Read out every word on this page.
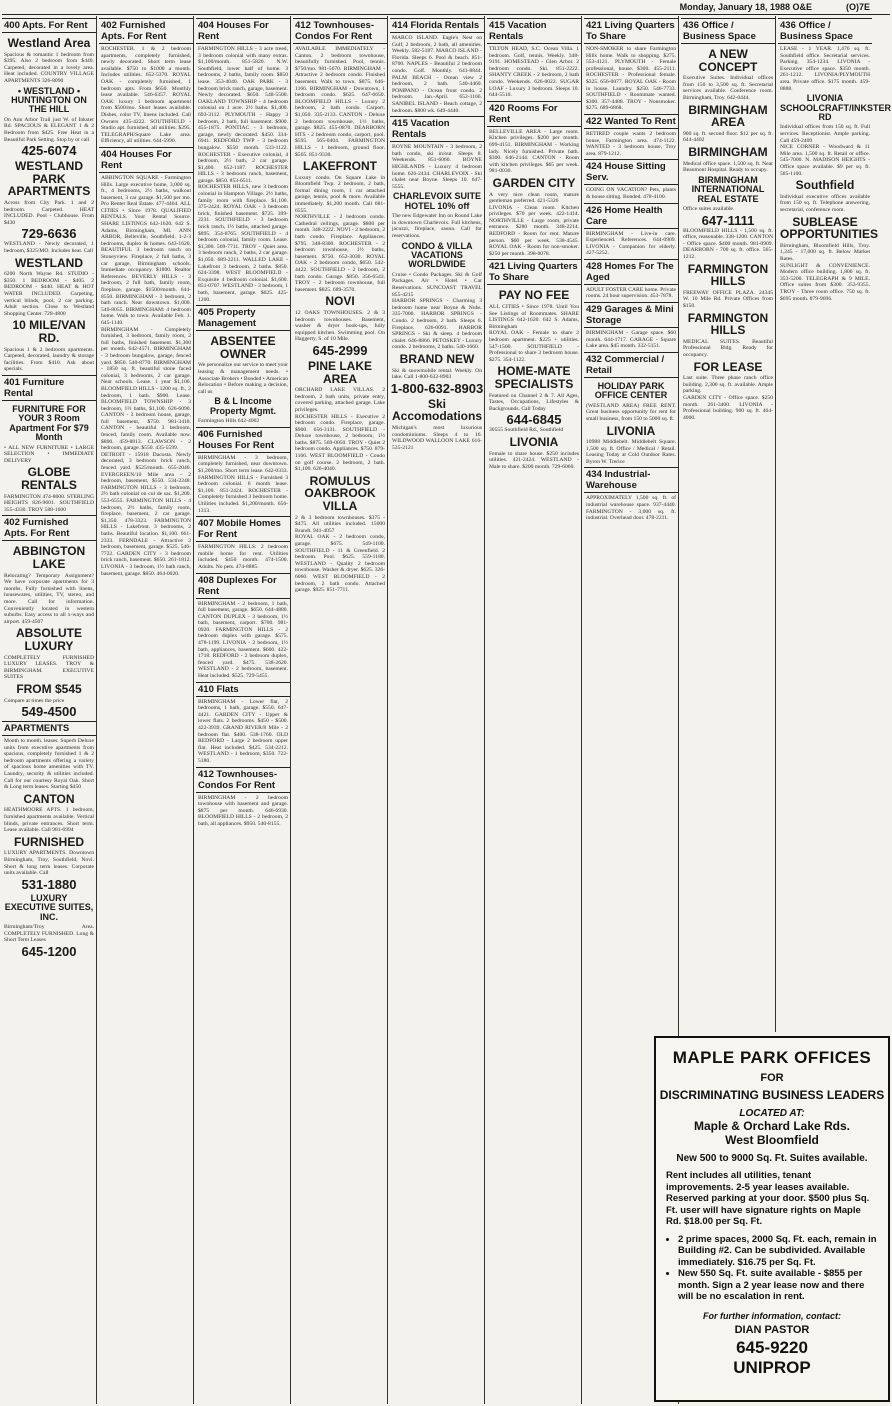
Monday, January 18, 1988 O&E	(O)7E
400 Apts. For Rent
Westland Area
Spacious & romantic 1 bedroom from $395. Also 2 bedroom from $440. Carpeted, decorated in a lovely area. Heat included. COUNTRY VILLAGE APARTMENTS 326-8090
• WESTLAND • HUNTINGTON ON THE HILL
On Ann Arbor Trail just W. of Inkster Rd. SPACIOUS & ELEGANT 1 & 2 Bedroom from $425. Free Heat in a Beautiful Park Setting. Stop by or call
425-6074
WESTLAND PARK APARTMENTS
Across from City Park. 1 and 2 bedroom. Carpeted. HEAT INCLUDED. Pool - Clubhouse. From $430
729-6636
WESTLAND - Newly decorated, 1 bedroom, $325/MO. Includes heat. Call
WESTLAND
6200 North Wayne Rd. STUDIO - $350. 1 BEDROOM - $405. 2 BEDROOM - $440. HEAT & HOT WATER INCLUDED. Carpeting, vertical blinds, pool, 2 car parking. Adult section. Close to Westland Shopping Center. 728-4800
10 MILE/VAN RD.
Spacious 1 & 2 bedroom apartments. Carpeted, decorated, laundry & storage facilities. From $410. Ask about specials.
401 Furniture Rental
FURNITURE FOR YOUR 3 Room Apartment For $79 Month
• ALL NEW FURNITURE • LARGE SELECTION • IMMEDIATE DELIVERY
GLOBE RENTALS
FARMINGTON 474-8600. STERLING HEIGHTS 826-9601. SOUTHFIELD 355-4330. TROY 588-1600
402 Furnished Apts. For Rent
ABBINGTON LAKE
Relocating? Temporary Assignment? We have corporate apartments for 3 months. Fully furnished with linens, housewares, utilities, TV, stereo, and more. Call for information. Conveniently located in western suburbs. Easy access to all x-ways and airport. 459-4507
ABSOLUTE LUXURY
COMPLETELY FURNISHED LUXURY LEASES. TROY & BIRMINGHAM. EXECUTIVE SUITES
FROM $545
Compare at times the price
549-4500
APARTMENTS
Month to month. leases. Superb Deluxe units from executive apartments from spacious, completely furnished 1 & 2 bedroom apartments offering a variety of spacious home amenities with TV. Laundry, security & utilities included. Call for our courtesy Royal Oak. Short & Long term leases. Starting $450
CANTON
HEATHMOORE APTS. 1 bedroom, furnished apartments available. Vertical blinds, private entrances. Short term. Lease available. Call 981-6994
FURNISHED
LUXURY APARTMENTS. Downtown Birmingham, Troy, Southfield, Novi. Short & long term leases. Corporate units available. Call
531-1880
LUXURY EXECUTIVE SUITES, INC.
Birmingham/Troy Area. COMPLETELY FURNISHED. Long & Short Term Leases
645-1200
402 Furnished Apts. For Rent
ROCHESTER. 1 & 2 bedroom apartments, completely furnished, newly decorated. Short term lease available. $750 to $1000 a month. Includes utilities. 652-5370. ROYAL OAK - completely furnished, 1 bedroom apts. From $650. Monthly lease available. 546-6357. ROYAL OAK: luxury 1 bedroom apartment from $500/mo. Short leases available. Dishes, color TV, linens included. Call Owners 435-4222. SOUTHFIELD - Studio apt. furnished, all utilities. $295. TELEGRAPH/Square Lake area. Efficiency, all utilities. 644-5990.
404 Houses For Rent
ABBINGTON SQUARE - Farmington Hills. Large executive home, 3,000 sq. ft., 4 bedrooms, 2½ baths, walkout basement, 3 car garage. $1,500 per mo. Pro Renter Real Estate. 477-4464. ALL CITIES • Since 1978. QUALIFIED RENTALS. Your Rental Source. SHARE LISTINGS 642-1620. 642 S. Adams, Birmingham, MI. ANN ARBOR, Belleville, Southfield. 1-2-3 bedrooms, duplex & homes. 643-1620. BEAUTIFUL 3 bedroom ranch on Stoneyview. Fireplace, 2 full baths, 3 car garage, Birmingham schools. Immediate occupancy. $1800. Realtor References. BEVERLY HILLS - 3 bedroom, 2 full bath, family room, fireplace, garage. $1500/month. 644-8550. BIRMINGHAM - 3 bedroom, 2 bath ranch. Near downtown. $1,000. 540-8055. BIRMINGHAM: 4 bedroom home. Walk to town. Available Feb. 1. 645-1140.
BIRMINGHAM - Completely furnished, 3 bedroom, family room, 2 full baths, finished basement. $1,300 per month. 642-4571. BIRMINGHAM - 3 bedroom bungalow, garage, fenced yard. $850. 540-8770. BIRMINGHAM - 1850 sq. ft. beautiful stone faced colonial, 3 bedrooms, 2 car garage. Near schools. Lease. 1 year $1,100. BLOOMFIELD HILLS - 1200 sq. ft., 2 bedroom, 1 bath. $900. Lease. BLOOMFIELD TOWNSHIP - 3 bedroom, 1½ baths, $1,100. 626-6090. CANTON - 3 bedroom house, garage, full basement, $750. 981-3418. CANTON - beautiful 3 bedroom, fenced, family room. Available now. $800. 459-8813. CLAWSON - 2 bedroom, garage. $550. 435-5599.
DETROIT - 15918 Dacosta. Newly decorated, 3 bedroom brick ranch, fenced yard. $525/month. 655-2040. EVERGREEN/10 Mile area - 2 bedroom, basement, $550. 534-2248. FARMINGTON HILLS - 3 bedroom, 2½ bath colonial on cul de sac. $1,200. 553-6555. FARMINGTON HILLS - 4 bedroom, 2½ baths, family room, fireplace, basement, 2 car garage. $1,350. 478-3323. FARMINGTON HILLS - Lakefront. 3 bedrooms, 2 baths. Beautiful location. $1,100. 661-2333. FERNDALE - Attractive 2 bedroom, basement, garage. $525. 546-7722. GARDEN CITY - 3 bedroom brick ranch, basement. $650. 261-1812. LIVONIA - 3 bedroom, 1½ bath ranch, basement, garage. $850. 464-0020.
404 Houses For Rent
FARMINGTON HILLS - 3 acre treed, 3 bedroom colonial with many extras. $1,100/month. 851-5820. N.W. Southfield, lower half of home. 3 bedrooms, 2 baths, family room. $850 lease. 353-4040. OAK PARK - 3 bedroom brick ranch, garage, basement. Newly decorated. $650. 548-5500. OAKLAND TOWNSHIP - 4 bedroom colonial on 1 acre. 2½ baths. $1,400. 693-3112. PLYMOUTH - Happy 3 bedroom, 2 bath, full basement. $900. 455-1875. PONTIAC - 3 bedroom, garage, newly decorated. $450. 334-6941. REDFORD TWP - 3 bedroom bungalow. $550 month. 533-1122. ROCHESTER - Executive colonial, 4 bedroom, 2½ bath, 2 car garage. $1,400. 652-1187. ROCHESTER HILLS - 3 bedroom ranch, basement, garage. $850. 853-6511.
ROCHESTER HILLS, new 3 bedroom colonial in Hampton Village. 2½ baths, family room with fireplace. $1,100. 375-2424. ROYAL OAK - 3 bedroom brick, finished basement. $725. 399-2231. SOUTHFIELD - 3 bedroom brick ranch, 1½ baths, attached garage. $895. 354-8765. SOUTHFIELD - 4 bedroom colonial, family room. Lease. $1,300. 569-7711. TROY - Quiet area. 3 bedroom ranch, 2 baths, 2 car garage. $1,050. 689-2211. WALLED LAKE - Lakefront 3 bedroom, 2 baths. $850. 624-3398. WEST BLOOMFIELD - Exquisite 4 bedroom colonial. $1,600. 851-0707. WESTLAND - 3 bedroom, 1 bath, basement, garage. $625. 425-1200.
405 Property Management
ABSENTEE OWNER
We personalize our service to meet your leasing & management needs. • Associate Brokers • Bonded • American Relocation • Before making a decision, call us
B & L Income Property Mgmt.
Farmington Hills 642-4002
406 Furnished Houses For Rent
BIRMINGHAM - 3 bedroom, completely furnished, near downtown. $1,200/mo. Short term lease. 642-0333. FARMINGTON HILLS - Furnished 3 bedroom colonial. 6 month lease. $1,100. 851-2424. ROCHESTER - Completely furnished 3 bedroom home. Utilities included. $1,200/month. 656-1313.
407 Mobile Homes For Rent
FARMINGTON HILLS: 2 bedroom mobile home for rent. Utilities included. $450 month. 474-1500. Adults. No pets. 474-8885.
408 Duplexes For Rent
BIRMINGHAM - 2 bedroom, 1 bath, full basement, garage. $650. 644-4880. CANTON DUPLEX - 3 bedroom, 1½ bath, basement, carport. $700. 981-0920. FARMINGTON HILLS - 2 bedroom duplex with garage. $575. 478-1199. LIVONIA - 2 bedroom, 1½ bath, appliances, basement. $600. 422-1718. REDFORD - 2 bedroom duplex, fenced yard. $475. 538-2620. WESTLAND - 2 bedroom, basement. Heat included. $525. 729-5455.
410 Flats
BIRMINGHAM - Lower flat, 2 bedrooms, 1 bath, garage. $550. 647-4421. GARDEN CITY - Upper & lower flats. 2 bedrooms. $450 - $500. 422-3939. GRAND RIVER/8 Mile - 2 bedroom flat. $400. 538-1760. OLD REDFORD - Large 2 bedroom upper flat. Heat included. $425. 534-2212. WESTLAND - 1 bedroom, $350. 722-5180.
412 Townhouses-Condos For Rent
BIRMINGHAM - 2 bedroom townhouse with basement and garage. $875 per month. 646-6930. BLOOMFIELD HILLS - 2 bedroom, 2 bath, all appliances. $950. 540-8155.
412 Townhouses-Condos For Rent
AVAILABLE IMMEDIATELY - Canton. 2 bedroom townhouse, beautifully furnished. Pool, tennis. $750/mo. 981-5670. BIRMINGHAM - Attractive 2 bedroom condo. Finished basement. Walk to town. $875. 646-1166. BIRMINGHAM - Downtown, 1 bedroom condo. $625. 647-6650. BLOOMFIELD HILLS - Luxury 2 bedroom, 2 bath condo. Carport. $1,050. 335-2133. CANTON - Deluxe 2 bedroom townhouse, 1½ baths, garage. $825. 455-0870. DEARBORN HTS - 2 bedroom condo, carport, pool. $595. 565-0404. FARMINGTON HILLS - 1 bedroom, ground floor. $565. 851-9330.
LAKEFRONT
Luxury condo. On Square Lake in Bloomfield Twp. 2 bedroom, 2 bath, formal dining room, 1 car attached garage, tennis, pool & more. Available immediately. $1,200 month. Call 681-6555.
NORTHVILLE - 2 bedroom condo. Cathedral ceilings, garage. $800 per month. 348-2222. NOVI - 2 bedroom, 2 bath condo. Fireplace. Appliances. $795. 348-8300. ROCHESTER - 2 bedroom townhouse, 1½ baths, basement. $750. 652-3030. ROYAL OAK - 2 bedroom condo, $650. 542-4422. SOUTHFIELD - 2 bedroom, 2 bath condo. Garage. $850. 356-6543. TROY - 2 bedroom townhouse, full basement. $825. 689-3570.
NOVI
12 OAKS TOWNHOUSES. 2 & 3 bedroom townhouses. Basement, washer & dryer hook-ups, fully equipped kitchen. Swimming pool. On Haggerty, S. of 10 Mile.
645-2999
PINE LAKE AREA
ORCHARD LAKE VILLAS. 2 bedroom, 2 bath units, private entry, covered parking, attached garage. Lake privileges.
ROCHESTER HILLS - Executive 2 bedroom condo. Fireplace, garage. $900. 656-3131. SOUTHFIELD - Deluxe townhouse, 2 bedroom, 1½ baths. $875. 569-0050. TROY - Quiet 2 bedroom condo. Appliances. $750. 879-1166. WEST BLOOMFIELD - Condo on golf course. 2 bedroom, 2 bath. $1,100. 626-4040.
ROMULUS OAKBROOK VILLA
2 & 3 bedroom townhouses. $375 - $475. All utilities included. 15000 Brandt. 941-4057
ROYAL OAK - 2 bedroom condo, garage. $675. 549-1100. SOUTHFIELD - 11 & Greenfield. 2 bedroom. Pool. $625. 559-1180. WESTLAND - Quality 2 bedroom townhouse. Washer & dryer. $625. 326-6060. WEST BLOOMFIELD - 2 bedroom, 2 bath condo. Attached garage. $925. 851-7711.
414 Florida Rentals
MARCO ISLAND. Eagle's Nest on Gulf, 2 bedroom, 2 bath, all amenities. Weekly. 582-5187. MARCO ISLAND - Florida. Sleeps 6. Pool & beach. 851-8700. NAPLES - Beautiful 2 bedroom condo. Golf. Monthly. 641-8844. PALM BEACH - Ocean view 2 bedroom, 2 bath. 540-4460. POMPANO - Ocean front condo. 2 bedroom. Jan.-April. 652-1166. SANIBEL ISLAND - Beach cottage, 2 bedroom. $800 wk. 649-4440.
415 Vacation Rentals
BOYNE MOUNTAIN - 3 bedroom, 2 bath condo, ski in/out. Sleeps 8. Weekends. 851-6060. BOYNE HIGHLANDS - Luxury 4 bedroom home. 626-2434. CHARLEVOIX - Ski chalet near Boyne. Sleeps 10. 647-5555.
CHARLEVOIX SUITE HOTEL 10% off
The new Edgewater Inn on Round Lake in downtown Charlevoix. Full kitchens, jacuzzi, fireplace, sauna. Call for reservations.
CONDO & VILLA VACATIONS WORLDWIDE
Cruise • Condo Packages. Ski & Golf Packages. Air • Hotel • Car Reservations. SUNCOAST TRAVEL 855-4215
HARBOR SPRINGS - Charming 3 bedroom home near Boyne & Nubs. 335-7000. HARBOR SPRINGS - Condo. 2 bedroom, 2 bath. Sleeps 6. Fireplace. 626-0091. HARBOR SPRINGS - Ski & sleep. 4 bedroom chalet. 646-8866. PETOSKEY - Luxury condo. 2 bedrooms, 2 baths. 540-1660.
BRAND NEW
Ski & snowmobile rental. Weekly. On lake. Call 1-800-632-8903
1-800-632-8903
Ski Accomodations
Michigan's most luxurious condominiums. Sleeps 4 to 16. WILDWOOD WALLOON LAKE 616-535-2121
415 Vacation Rentals
TILTON HEAD, S.C. Ocean Villa. 1 bedroom. Golf, tennis. Weekly. 348-9191. HOMESTEAD - Glen Arbor. 2 bedroom condo. Ski. 851-2222. SHANTY CREEK - 2 bedroom, 2 bath condo. Weekends. 626-0022. SUGAR LOAF - Luxury 3 bedroom. Sleeps 10. 644-5510.
420 Rooms For Rent
BELLEVILLE AREA - Large room. Kitchen privileges. $200 per month. 699-4151. BIRMINGHAM - Working lady. Nicely furnished. Private bath. $300. 646-2144. CANTON - Room with kitchen privileges. $65 per week. 981-0030.
GARDEN CITY
A very nice clean room, mature gentleman preferred. 421-5326
LIVONIA - Clean room. Kitchen privileges. $70 per week. 422-1414. NORTHVILLE - Large room, private entrance. $280 month. 348-2214. REDFORD - Room for rent. Mature person. $60 per week. 538-4545. ROYAL OAK - Room for non-smoker. $250 per month. 398-0078.
421 Living Quarters To Share
PAY NO FEE
ALL CITIES • Since 1978. Until You See Listings of Roommates. SHARE LISTINGS 642-1620. 642 S. Adams, Birmingham
ROYAL OAK - Female to share 2 bedroom apartment. $225 + utilities. 547-1500. SOUTHFIELD - Professional to share 3 bedroom house. $275. 354-1122.
HOME-MATE SPECIALISTS
Featured on Channel 2 & 7. All Ages, Tastes, Occupations, Lifestyles & Backgrounds. Call Today
644-6845
30555 Southfield Rd., Southfield
LIVONIA
Female to share house. $250 includes utilities. 421-2424. WESTLAND - Male to share. $200 month. 729-6060.
421 Living Quarters To Share
NON-SMOKER to share Farmington Hills home. Walk to shopping. $275. 553-4121. PLYMOUTH - Female professional, house. $300. 455-2111. ROCHESTER - Professional female. $325. 656-0077. ROYAL OAK - Room in house. Laundry. $250. 546-7733. SOUTHFIELD - Roommate wanted. $300. 357-4488. TROY - Nonsmoker. $275. 689-6868.
422 Wanted To Rent
RETIRED couple wants 2 bedroom house, Farmington area. 474-1122. WANTED - 3 bedroom house, Troy area. 879-1212.
424 House Sitting Serv.
GOING ON VACATION? Pets, plants & house sitting. Bonded. 478-4100.
426 Home Health Care
BIRMINGHAM - Live-in care. Experienced. References. 644-0909. LIVONIA - Companion for elderly. 427-5252.
428 Homes For The Aged
ADULT FOSTER CARE home. Private rooms. 24 hour supervision. 453-7878.
429 Garages & Mini Storage
BIRMINGHAM - Garage space. $60 month. 644-1717. GARAGE - Square Lake area. $45 month. 332-5151.
432 Commercial / Retail
HOLIDAY PARK OFFICE CENTER
(WESTLAND AREA) FREE RENT. Great business opportunity for rent for small business, from 150 to 5000 sq. ft.
LIVONIA
10988 Middlebelt. Middlebelt Square. 1,500 sq. ft. Office / Medical / Retail. Leasing Today at Cold Outdoor Rates. Byron W. Trerice
434 Industrial-Warehouse
APPROXIMATELY 1,500 sq. ft. of industrial warehouse space. 937-4440. FARMINGTON - 3,000 sq. ft. industrial. Overhead door. 478-2211.
436 Office / Business Space
A NEW CONCEPT
Executive Suites. Individual offices from 150 to 3,500 sq. ft. Secretarial services available. Conference room. Birmingham, Troy. 642-0444.
BIRMINGHAM AREA
900 sq. ft. second floor. $12 per sq. ft. 644-4402
BIRMINGHAM
Medical office space. 1,500 sq. ft. Near Beaumont Hospital. Ready to occupy.
BIRMINGHAM INTERNATIONAL REAL ESTATE
Office suites available.
647-1111
BLOOMFIELD HILLS - 1,500 sq. ft. office, reasonable. 338-1200. CANTON - Office space. $400 month. 981-0909. DEARBORN - 700 sq. ft. office. 565-1212.
FARMINGTON HILLS
FREEWAY OFFICE PLAZA. 24345 W. 10 Mile Rd. Private Offices from $150.
FARMINGTON HILLS
MEDICAL SUITES. Beautiful Professional Bldg. Ready for occupancy.
FOR LEASE
Last suite. Three phase ranch office building. 2,300 sq. ft. available. Ample parking.
GARDEN CITY - Office space. $250 month. 261-3400. LIVONIA - Professional building. 900 sq. ft. 464-4000.
436 Office / Business Space
LEASE - 1 YEAR. 1,476 sq. ft. Southfield office. Secretarial services. Parking. 354-1234. LIVONIA - Executive office space. $350 month. 261-1212. LIVONIA/PLYMOUTH area. Private office. $175 month. 459-8888.
LIVONIA SCHOOLCRAFT/INKSTER RD
Individual offices from 150 sq. ft. Full services. Receptionist. Ample parking. Call 459-2409
NICE CORNER - Woodward & 11 Mile area. 1,500 sq. ft. Retail or office. 545-7000. N. MADISON HEIGHTS - Office space available. $9 per sq. ft. 585-1100.
Southfield
Individual executive offices available from 150 sq. ft. Telephone answering, secretarial, conference room.
SUBLEASE OPPORTUNITIES
Birmingham, Bloomfield Hills, Troy. 1,245 - 17,000 sq. ft. Below Market Rates.
SUNLIGHT & CONVENIENCE. Modern office building. 1,800 sq. ft. 353-5200. TELEGRAPH & 9 MILE. Office suites from $300. 353-9355. TROY - Three room office. 750 sq. ft. $695 month. 879-9696.
MAPLE PARK OFFICES
FOR
DISCRIMINATING BUSINESS LEADERS
LOCATED AT:
Maple & Orchard Lake Rds.
West Bloomfield
New 500 to 9000 Sq. Ft. Suites available.
Rent includes all utilities, tenant improvements. 2-5 year leases available. Reserved parking at your door. $500 plus Sq. Ft. user will have signature rights on Maple Rd. $18.00 per Sq. Ft.
• 2 prime spaces, 2000 Sq. Ft. each, remain in Building #2. Can be subdivided. Available immediately. $16.75 per Sq. Ft.
• New 550 Sq. Ft. suite available - $855 per month. Sign a 2 year lease now and there will be no escalation in rent.
For further information, contact:
DIAN PASTOR
645-9220
UNIPROP
